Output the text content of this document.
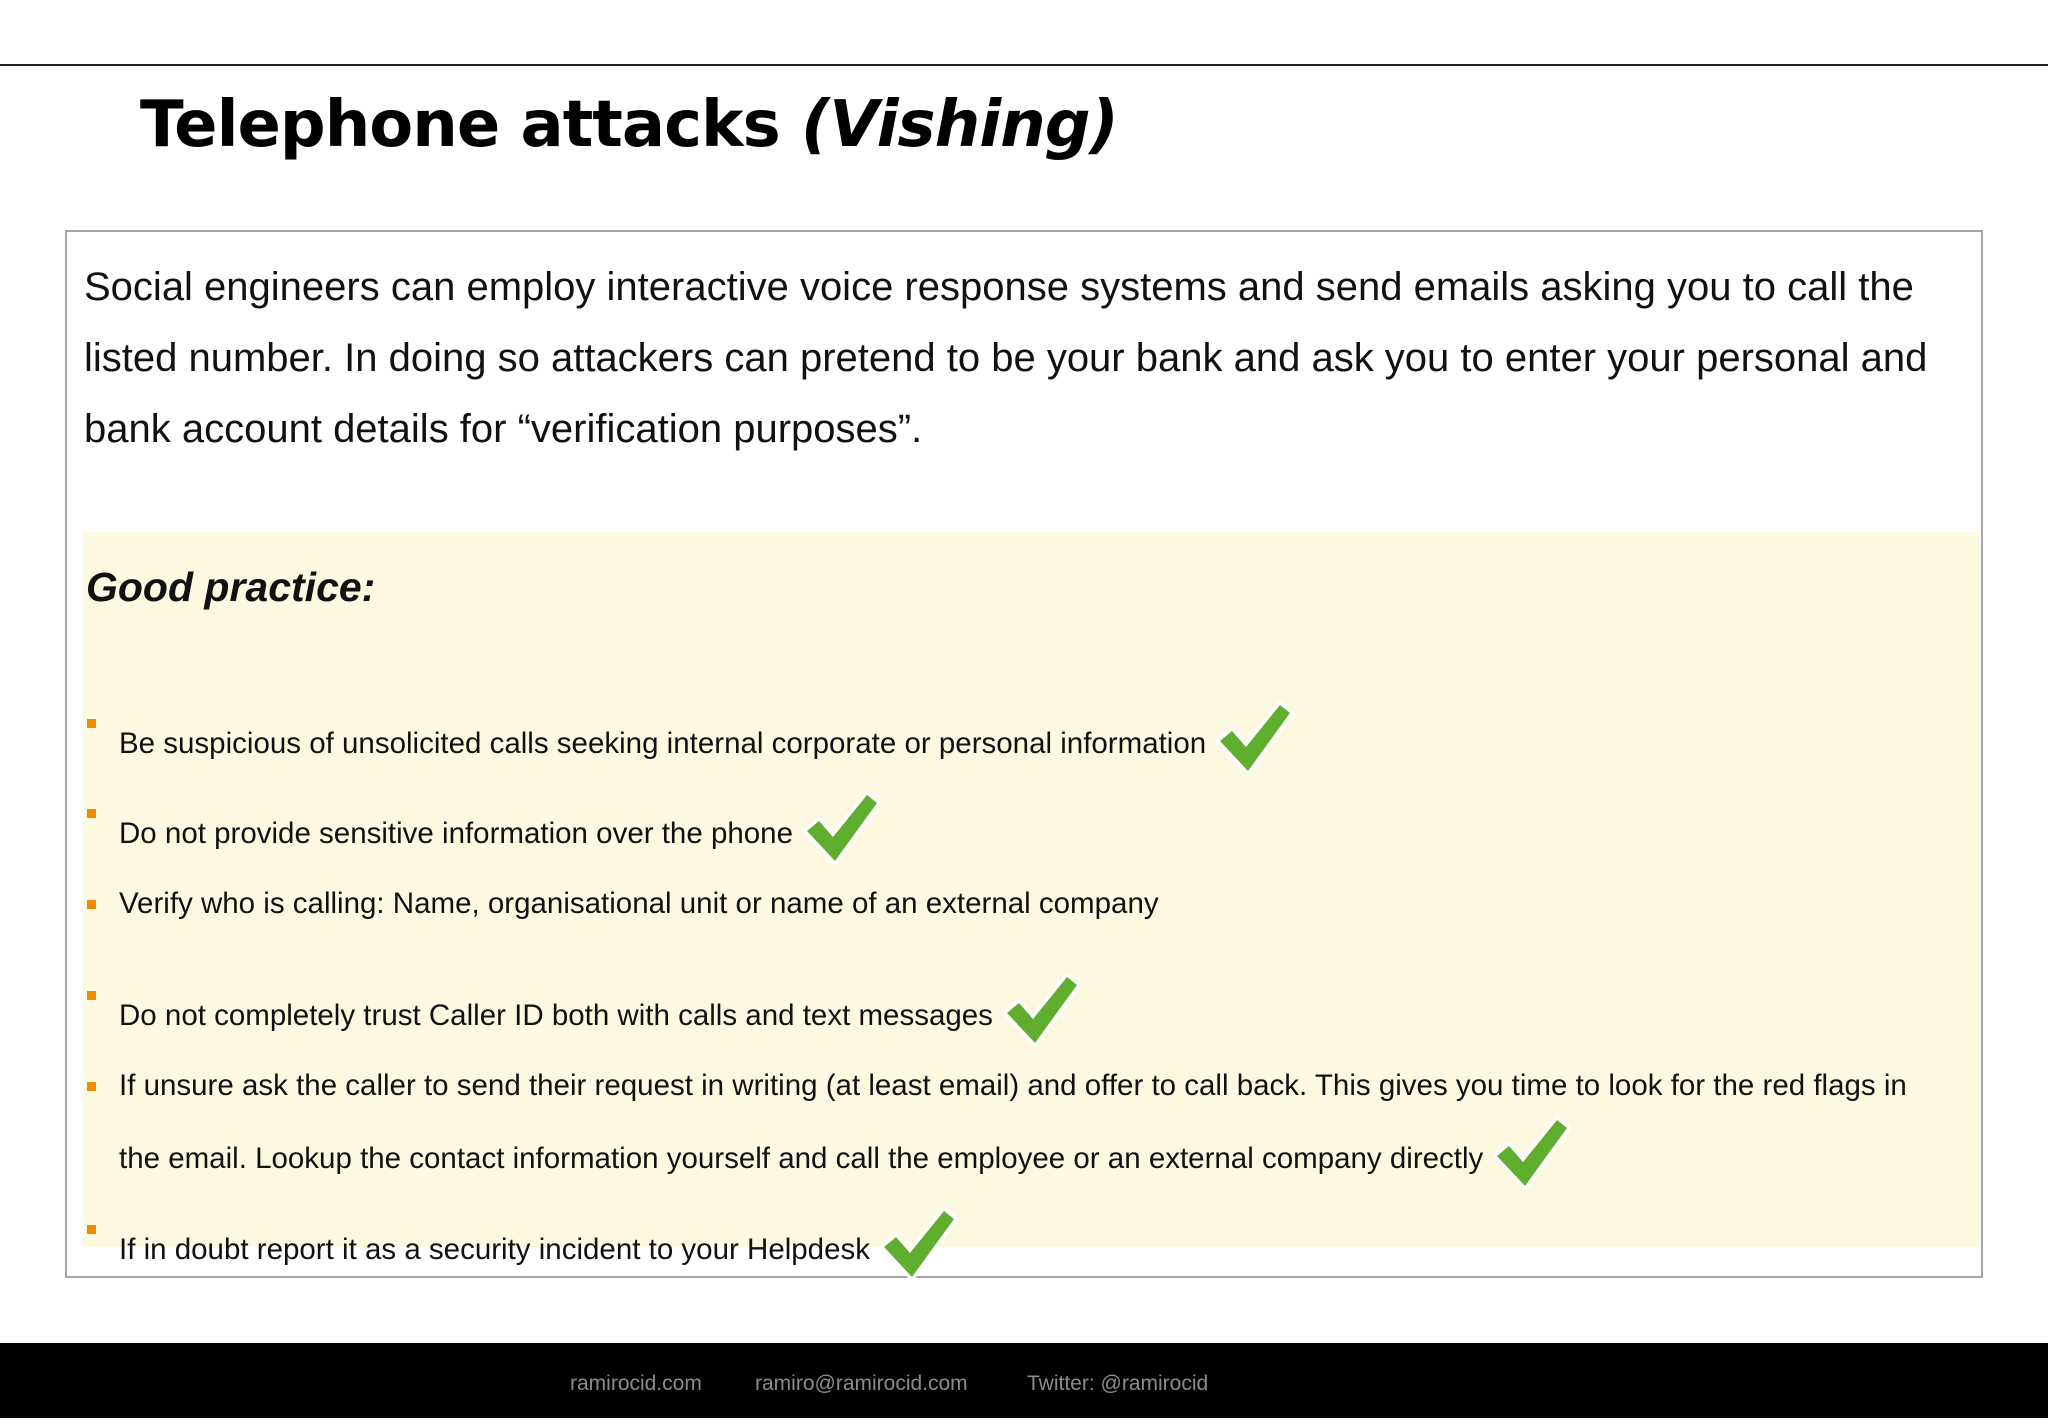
Telephone attacks (Vishing)

Social engineers can employ interactive voice response systems and send emails asking you to call the listed number. In doing so attackers can pretend to be your bank and ask you to enter your personal and bank account details for “verification purposes”.

Good practice:
Be suspicious of unsolicited calls seeking internal corporate or personal information
Do not provide sensitive information over the phone
Verify who is calling: Name, organisational unit or name of an external company
Do not completely trust Caller ID both with calls and text messages
If unsure ask the caller to send their request in writing (at least email) and offer to call back. This gives you time to look for the red flags in the email. Lookup the contact information yourself and call the employee or an external company directly
If in doubt report it as a security incident to your Helpdesk
ramirocid.com	ramiro@ramirocid.com	Twitter: @ramirocid
